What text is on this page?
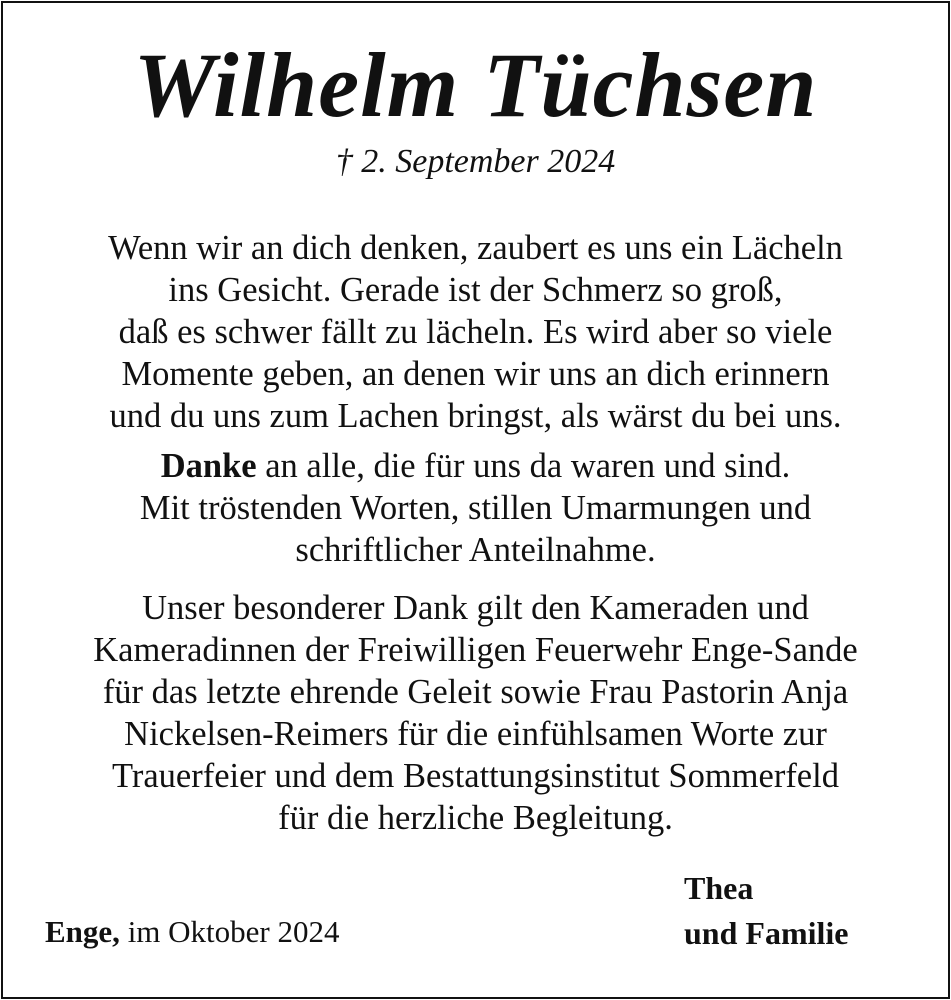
Wilhelm Tüchsen
† 2. September 2024

Wenn wir an dich denken, zaubert es uns ein Lächeln

ins Gesicht. Gerade ist der Schmerz so groß,

daß es schwer fällt zu lächeln. Es wird aber so viele

Momente geben, an denen wir uns an dich erinnern

und du uns zum Lachen bringst, als wärst du bei uns.

Danke an alle, die für uns da waren und sind.

Mit tröstenden Worten, stillen Umarmungen und

schriftlicher Anteilnahme.

Unser besonderer Dank gilt den Kameraden und

Kameradinnen der Freiwilligen Feuerwehr Enge-Sande

für das letzte ehrende Geleit sowie Frau Pastorin Anja

Nickelsen-Reimers für die einfühlsamen Worte zur

Trauerfeier und dem Bestattungsinstitut Sommerfeld

für die herzliche Begleitung.

Enge, im Oktober 2024
Thea
und Familie
